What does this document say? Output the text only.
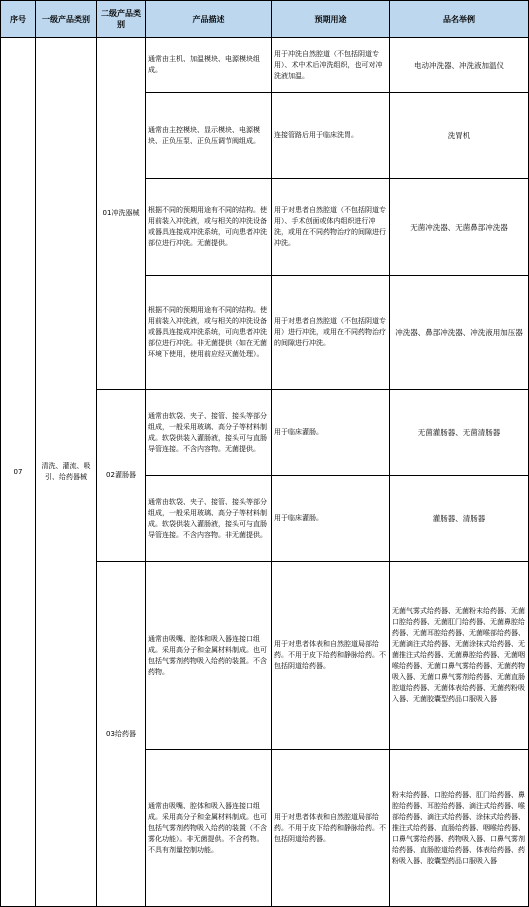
序号	一级产品类别	二级产品类别	产品描述	预期用途	品名举例
07	清洗、灌流、吸引、给药器械	01冲洗器械	通常由主机、加温模块、电源模块组成。	用于冲洗自然腔道（不包括阴道专用）、术中术后冲洗组织，也可对冲洗液加温。	电动冲洗器、冲洗液加温仪
			通常由主控模块、显示模块、电源模块、正负压泵、正负压调节阀组成。	连接管路后用于临床洗胃。	洗胃机
			根据不同的预期用途有不同的结构。使用前装入冲洗液，或与相关的冲洗设备或器具连接成冲洗系统，可向患者冲洗部位进行冲洗。无菌提供。	用于对患者自然腔道（不包括阴道专用）、手术创面或体内组织进行冲洗，或用在不同药物治疗的间隙进行冲洗。	无菌冲洗器、无菌鼻部冲洗器
			根据不同的预期用途有不同的结构。使用前装入冲洗液，或与相关的冲洗设备或器具连接成冲洗系统，可向患者冲洗部位进行冲洗。非无菌提供（如在无菌环境下使用，使用前应经灭菌处理）。	用于对患者自然腔道（不包括阴道专用）进行冲洗，或用在不同药物治疗的间隙进行冲洗。	冲洗器、鼻部冲洗器、冲洗液用加压器
		02灌肠器	通常由软袋、夹子、接管、接头等部分组成，一般采用玻璃、高分子等材料制成。软袋供装入灌肠液，接头可与直肠导管连接。不含内容物。无菌提供。	用于临床灌肠。	无菌灌肠器、无菌清肠器
			通常由软袋、夹子、接管、接头等部分组成，一般采用玻璃、高分子等材料制成。软袋供装入灌肠液，接头可与直肠导管连接。不含内容物。非无菌提供。	用于临床灌肠。	灌肠器、清肠器
		03给药器	通常由吸嘴、腔体和吸入器连接口组成。采用高分子和金属材料制成。也可包括气雾剂药物吸入给药的装置。不含药物。	用于对患者体表和自然腔道局部给药。不用于皮下给药和静脉给药。不包括阴道给药器。	无菌气雾式给药器、无菌粉末给药器、无菌口腔给药器、无菌肛门给药器、无菌鼻腔给药器、无菌耳腔给药器、无菌喉部给药器、无菌滴注式给药器、无菌涂抹式给药器、无菌推注式给药器、无菌鼻腔给药器、无菌咽喉给药器、无菌口鼻气雾给药器、无菌药物吸入器、无菌口鼻气雾剂给药器、无菌直肠腔道给药器、无菌体表给药器、无菌药粉吸入器、无菌胶囊型药品口服吸入器
			通常由吸嘴、腔体和吸入器连接口组成。采用高分子和金属材料制成。也可包括气雾剂药物吸入给药的装置（不含雾化功能）。非无菌提供。不含药物。不具有剂量控制功能。	用于对患者体表和自然腔道局部给药。不用于皮下给药和静脉给药。不包括阴道给药器。	粉末给药器、口腔给药器、肛门给药器、鼻腔给药器、耳腔给药器、滴注式给药器、喉部给药器、滴注式给药器、涂抹式给药器、推注式给药器、直肠给药器、咽喉给药器、口鼻气雾给药器、药物吸入器、口鼻气雾剂给药器、直肠腔道给药器、体表给药器、药粉吸入器、胶囊型药品口服吸入器
